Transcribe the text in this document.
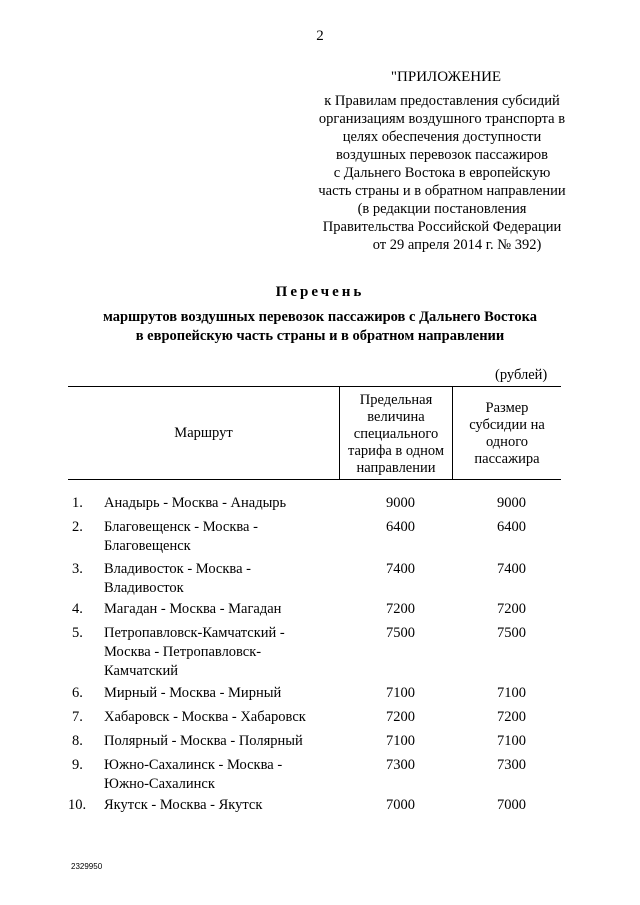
2
"ПРИЛОЖЕНИЕ
к Правилам предоставления субсидий
организациям воздушного транспорта в
целях обеспечения доступности
воздушных перевозок пассажиров
с Дальнего Востока в европейскую
часть страны и в обратном направлении
(в редакции постановления
Правительства Российской Федерации
от 29 апреля 2014 г. № 392)
Перечень
маршрутов воздушных перевозок пассажиров с Дальнего Востока
в европейскую часть страны и в обратном направлении
(рублей)
Маршрут
Предельная
величина
специального
тарифа в одном
направлении
Размер
субсидии на
одного
пассажира
1. Анадырь - Москва - Анадырь	9000	9000
2. Благовещенск - Москва -
Благовещенск
6400	6400
3. Владивосток - Москва -
Владивосток
7400	7400
4. Магадан - Москва - Магадан	7200	7200
5. Петропавловск-Камчатский -
Москва - Петропавловск-
Камчатский
7500	7500
6. Мирный - Москва - Мирный	7100	7100
7. Хабаровск - Москва - Хабаровск	7200	7200
8. Полярный - Москва - Полярный	7100	7100
9. Южно-Сахалинск - Москва -
Южно-Сахалинск
7300	7300
10. Якутск - Москва - Якутск	7000	7000
2329950
